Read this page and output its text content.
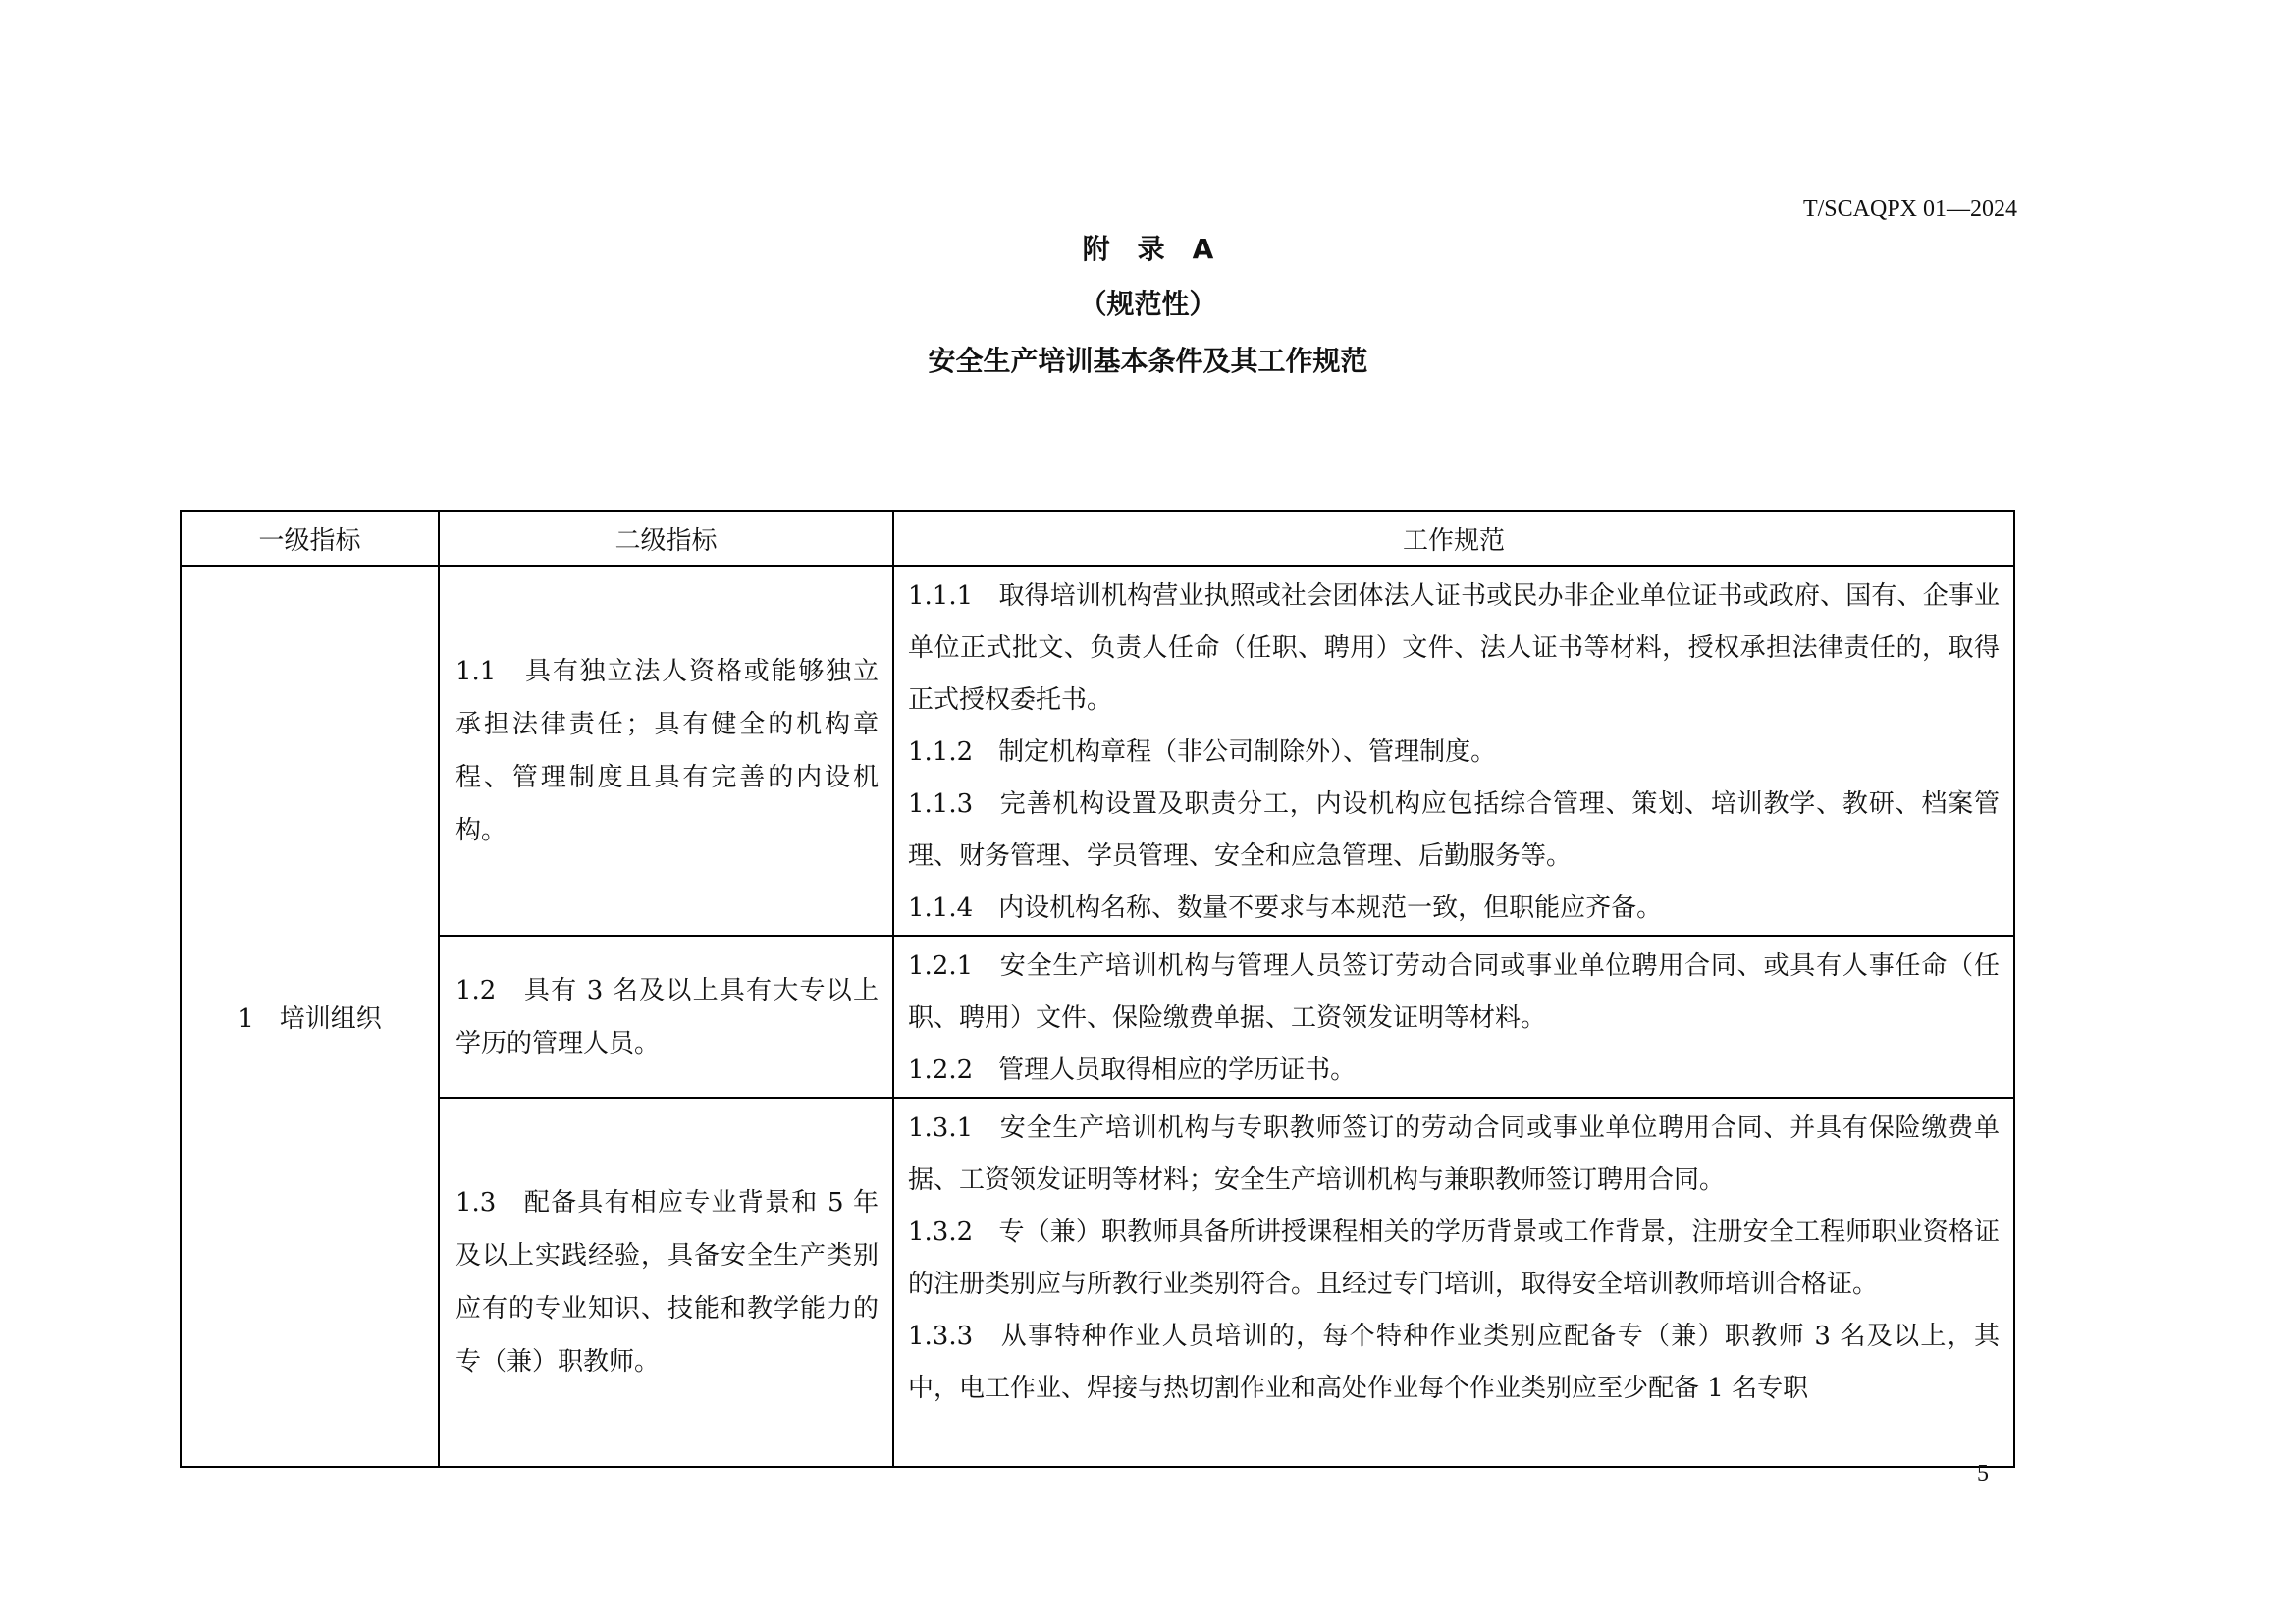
T/SCAQPX 01—2024
附　录　A
（规范性）
安全生产培训基本条件及其工作规范
一级指标	二级指标	工作规范
1　培训组织	1.1　具有独立法人资格或能够独立承担法律责任；具有健全的机构章程、管理制度且具有完善的内设机构。	1.1.1　取得培训机构营业执照或社会团体法人证书或民办非企业单位证书或政府、国有、企事业单位正式批文、负责人任命（任职、聘用）文件、法人证书等材料，授权承担法律责任的，取得正式授权委托书。

1.1.2　制定机构章程（非公司制除外）、管理制度。

1.1.3　完善机构设置及职责分工，内设机构应包括综合管理、策划、培训教学、教研、档案管理、财务管理、学员管理、安全和应急管理、后勤服务等。

1.1.4　内设机构名称、数量不要求与本规范一致，但职能应齐备。

	1.2　具有 3 名及以上具有大专以上学历的管理人员。	1.2.1　安全生产培训机构与管理人员签订劳动合同或事业单位聘用合同、或具有人事任命（任职、聘用）文件、保险缴费单据、工资领发证明等材料。

1.2.2　管理人员取得相应的学历证书。

	1.3　配备具有相应专业背景和 5 年及以上实践经验，具备安全生产类别应有的专业知识、技能和教学能力的专（兼）职教师。	1.3.1　安全生产培训机构与专职教师签订的劳动合同或事业单位聘用合同、并具有保险缴费单据、工资领发证明等材料；安全生产培训机构与兼职教师签订聘用合同。

1.3.2　专（兼）职教师具备所讲授课程相关的学历背景或工作背景，注册安全工程师职业资格证的注册类别应与所教行业类别符合。且经过专门培训，取得安全培训教师培训合格证。

1.3.3　从事特种作业人员培训的，每个特种作业类别应配备专（兼）职教师 3 名及以上，其中，电工作业、焊接与热切割作业和高处作业每个作业类别应至少配备 1 名专职

5
